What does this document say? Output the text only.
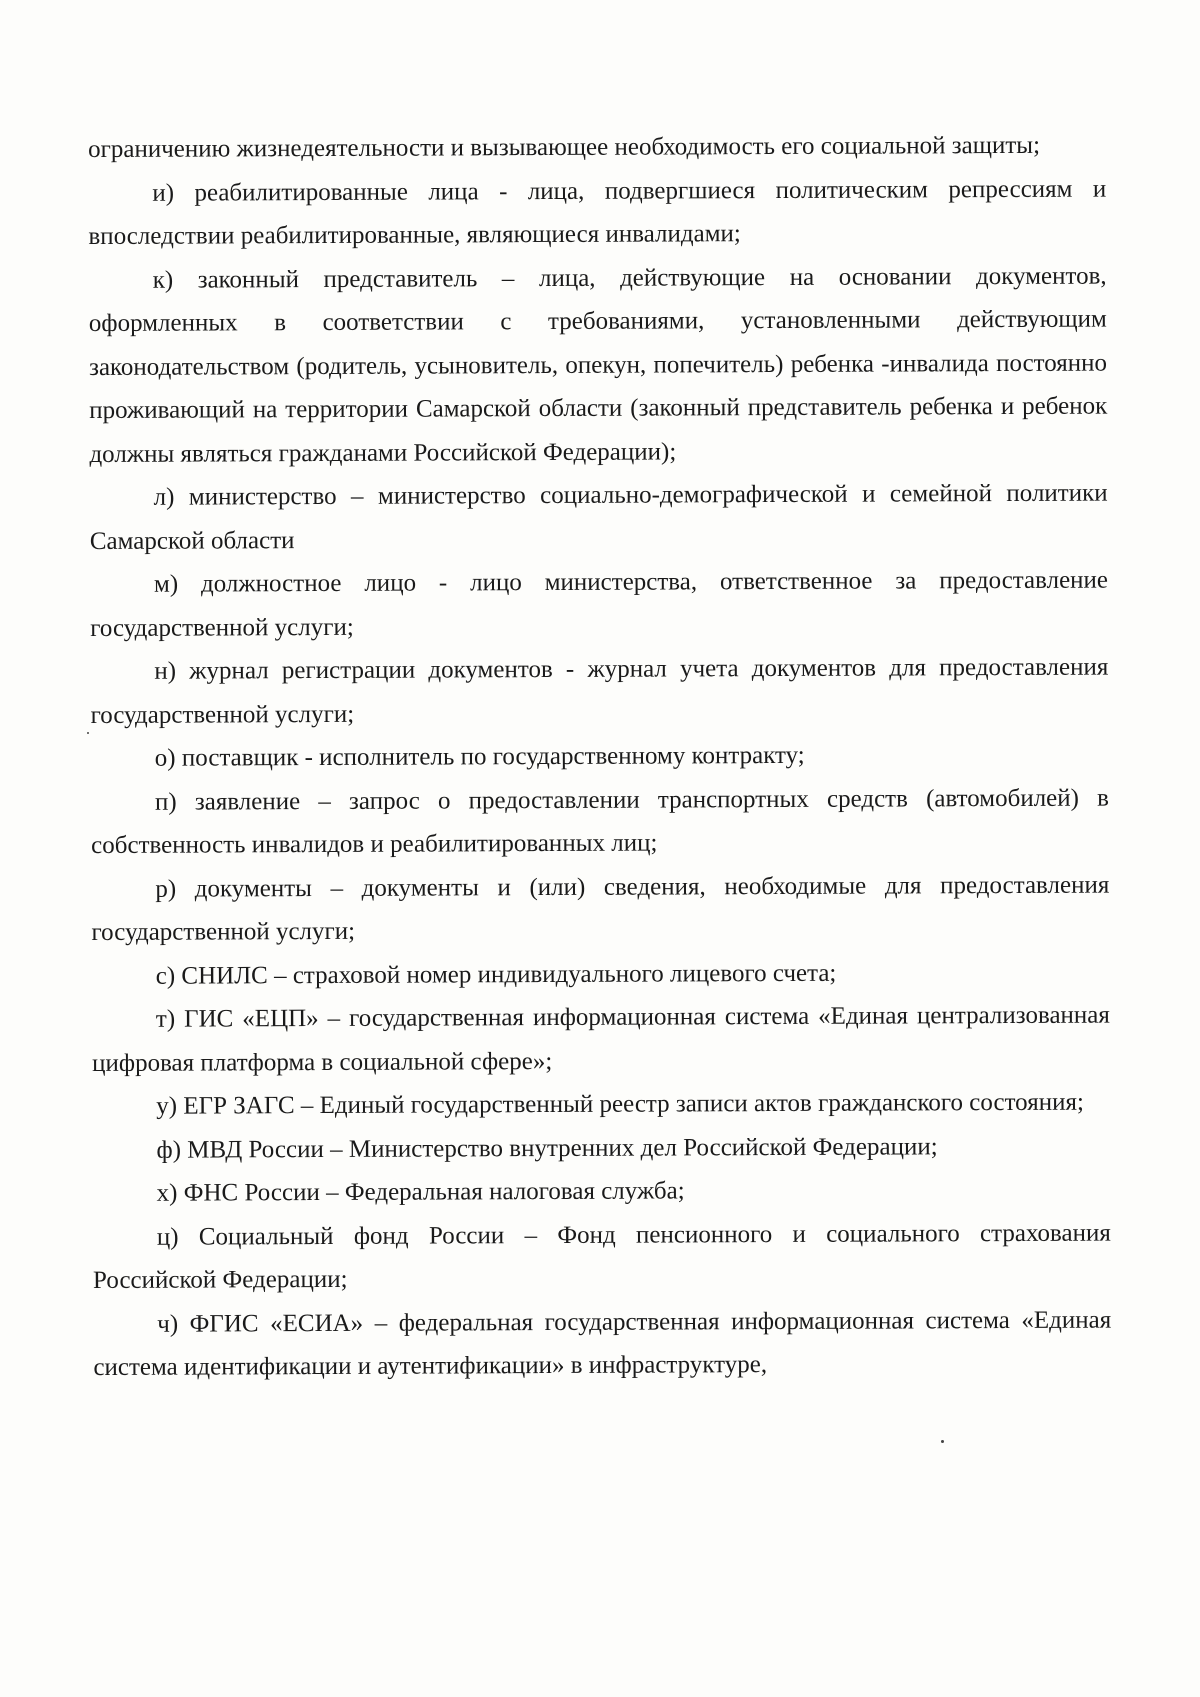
ограничению жизнедеятельности и вызывающее необходимость его социальной защиты;

и) реабилитированные лица - лица, подвергшиеся политическим репрессиям и впоследствии реабилитированные, являющиеся инвалидами;

к) законный представитель – лица, действующие на основании документов, оформленных в соответствии с требованиями, установленными действующим законодательством (родитель, усыновитель, опекун, попечитель) ребенка -инвалида постоянно проживающий на территории Самарской области (законный представитель ребенка и ребенок должны являться гражданами Российской Федерации);

л) министерство – министерство социально-демографической и семейной политики Самарской области

м) должностное лицо - лицо министерства, ответственное за предоставление государственной услуги;

н) журнал регистрации документов - журнал учета документов для предоставления государственной услуги;

о) поставщик - исполнитель по государственному контракту;

п) заявление – запрос о предоставлении транспортных средств (автомобилей) в собственность инвалидов и реабилитированных лиц;

р) документы – документы и (или) сведения, необходимые для предоставления государственной услуги;

с) СНИЛС – страховой номер индивидуального лицевого счета;

т) ГИС «ЕЦП» – государственная информационная система «Единая централизованная цифровая платформа в социальной сфере»;

у) ЕГР ЗАГС – Единый государственный реестр записи актов гражданского состояния;

ф) МВД России – Министерство внутренних дел Российской Федерации;

х) ФНС России – Федеральная налоговая служба;

ц) Социальный фонд России – Фонд пенсионного и социального страхования Российской Федерации;

ч) ФГИС «ЕСИА» – федеральная государственная информационная система «Единая система идентификации и аутентификации» в инфраструктуре,
